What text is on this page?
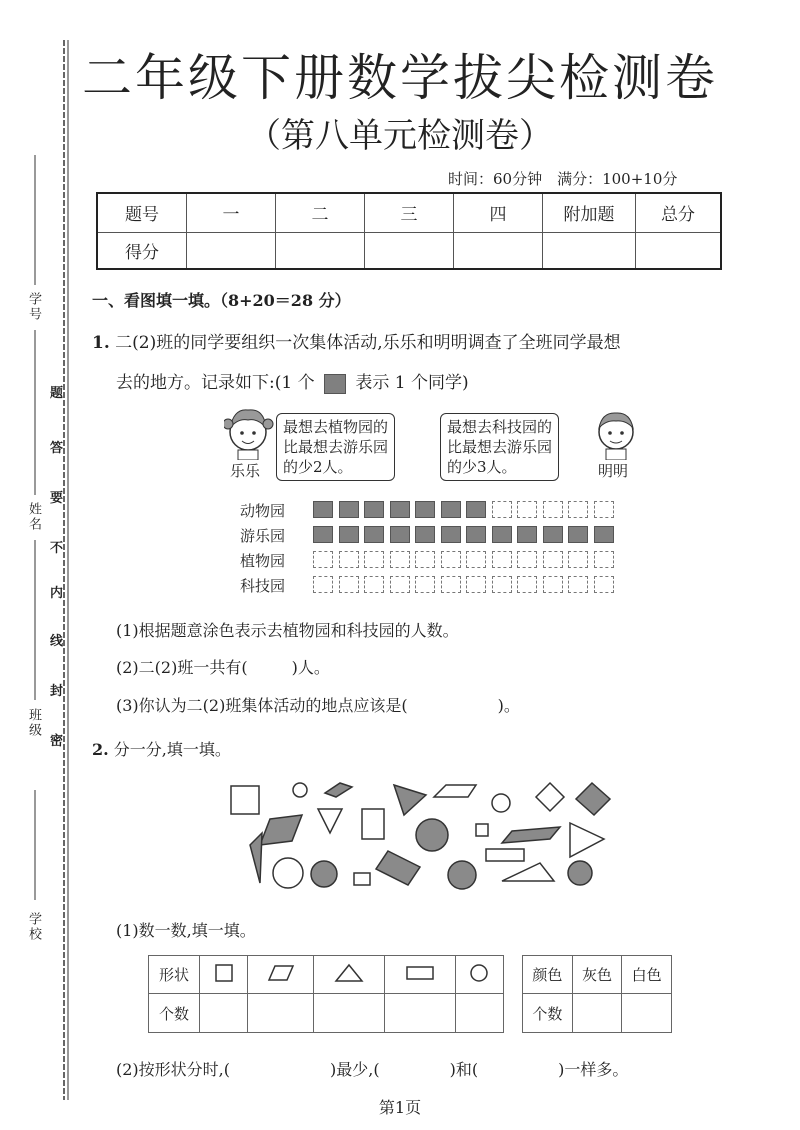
学号
姓名
班级
学校
题
答
要
不
内
线
封
密
二年级下册数学拔尖检测卷
（第八单元检测卷）
时间：60分钟　满分：100+10分
题号	一	二	三	四	附加题	总分
得分						
一、看图填一填。（8+20＝28 分）
1. 二(2)班的同学要组织一次集体活动,乐乐和明明调查了全班同学最想
去的地方。记录如下:(1 个 表示 1 个同学)
乐乐
最想去植物园的
比最想去游乐园
的少2人。
最想去科技园的
比最想去游乐园
的少3人。	明明
动物园
游乐园
植物园
科技园
(1)根据题意涂色表示去植物园和科技园的人数。
(2)二(2)班一共有(	)人。
(3)你认为二(2)班集体活动的地点应该是(	)。
2. 分一分,填一填。
(1)数一数,填一填。
形状					
个数					
颜色	灰色	白色
个数		
(2)按形状分时,(	)最少,(	)和(	)一样多。
第1页
